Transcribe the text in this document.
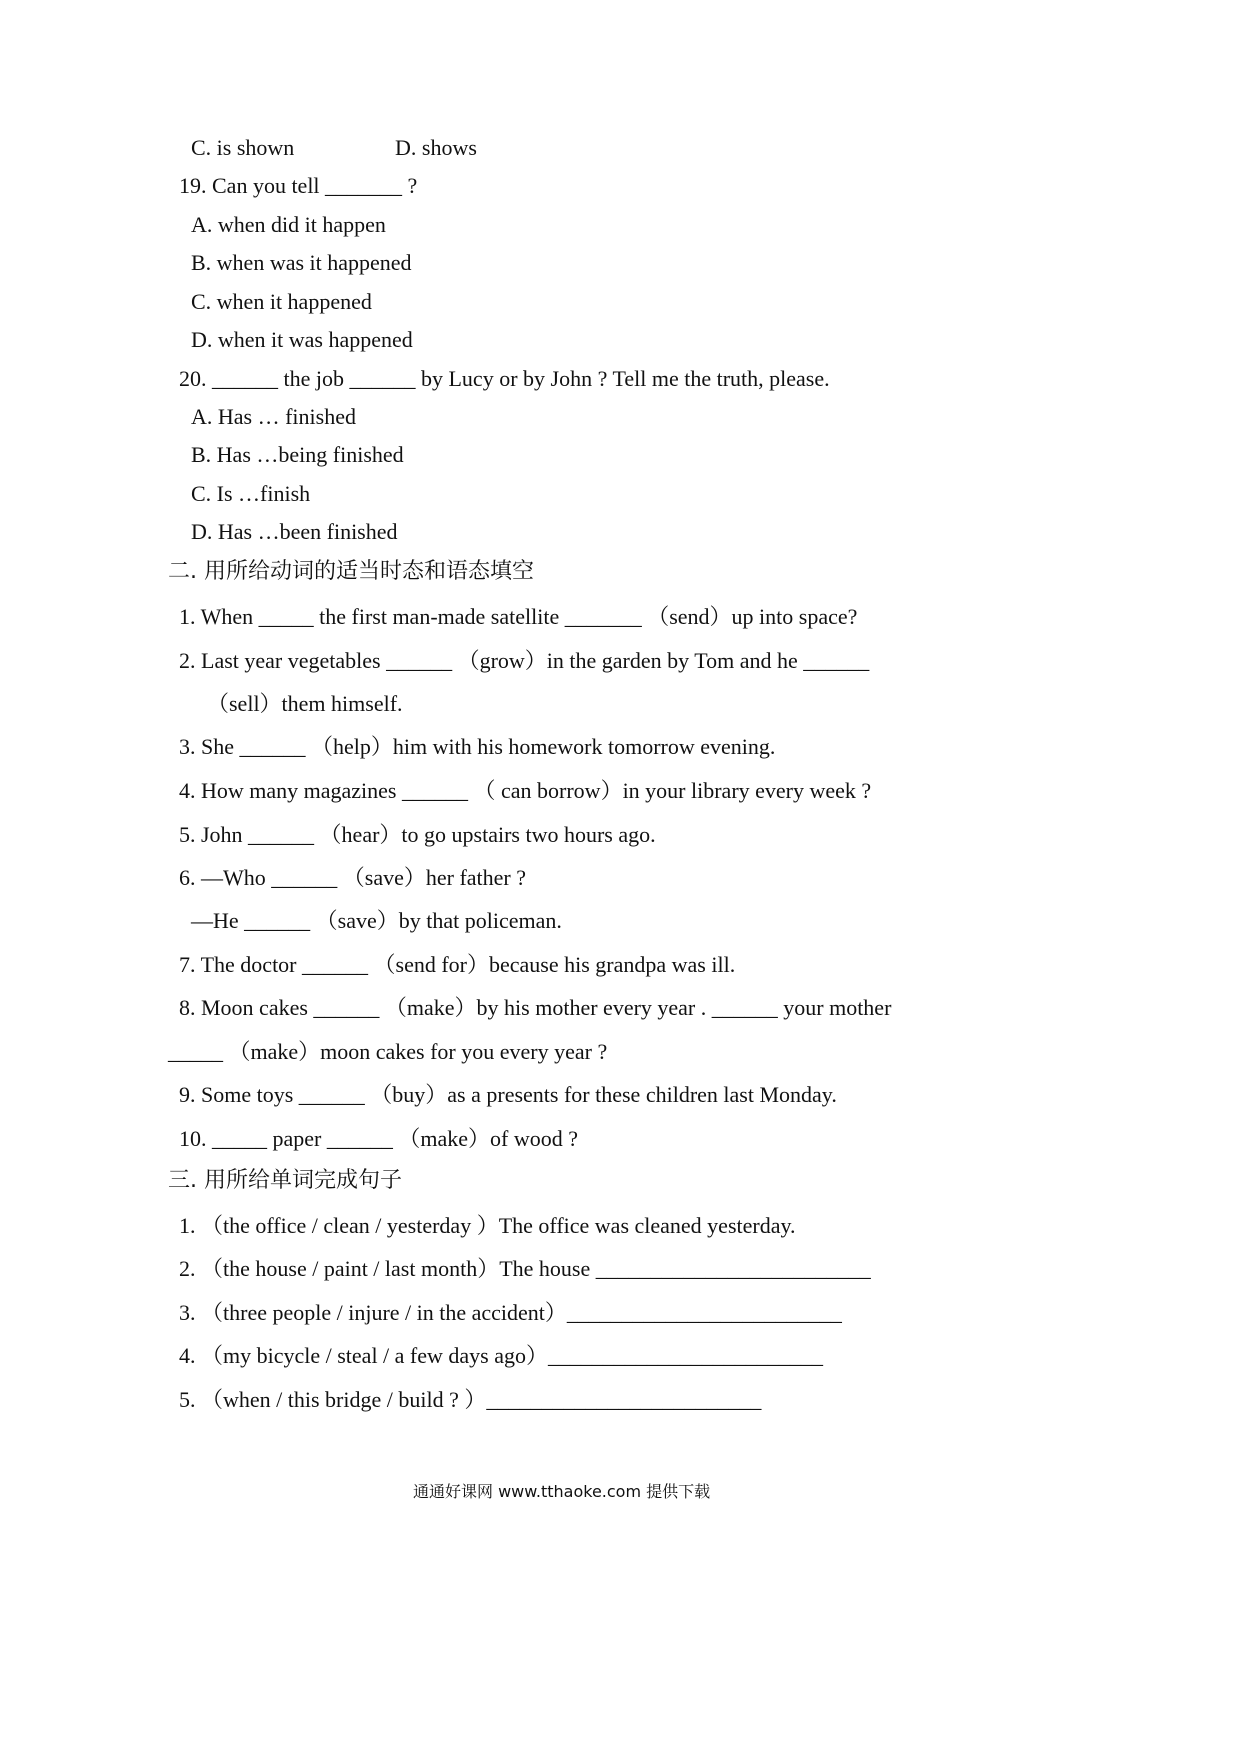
C. is shown	D. shows
19. Can you tell _______ ?
A. when did it happen
B. when was it happened
C. when it happened
D. when it was happened
20. ______ the job ______ by Lucy or by John ? Tell me the truth, please.
A. Has … finished
B. Has …being finished
C. Is …finish
D. Has …been finished
二. 用所给动词的适当时态和语态填空
1. When _____ the first man-made satellite _______ （send）up into space?
2. Last year vegetables ______ （grow）in the garden by Tom and he ______
（sell）them himself.
3. She ______ （help）him with his homework tomorrow evening.
4. How many magazines ______ （ can borrow）in your library every week ?
5. John ______ （hear）to go upstairs two hours ago.
6. —Who ______ （save）her father ?
—He ______ （save）by that policeman.
7. The doctor ______ （send for）because his grandpa was ill.
8. Moon cakes ______ （make）by his mother every year . ______ your mother
_____ （make）moon cakes for you every year ?
9. Some toys ______ （buy）as a presents for these children last Monday.
10. _____ paper ______ （make）of wood ?
三. 用所给单词完成句子
1. （the office / clean / yesterday ）The office was cleaned yesterday.
2. （the house / paint / last month）The house _________________________
3. （three people / injure / in the accident）_________________________
4. （my bicycle / steal / a few days ago）_________________________
5. （when / this bridge / build ? ）_________________________
通通好课网 www.tthaoke.com 提供下载
